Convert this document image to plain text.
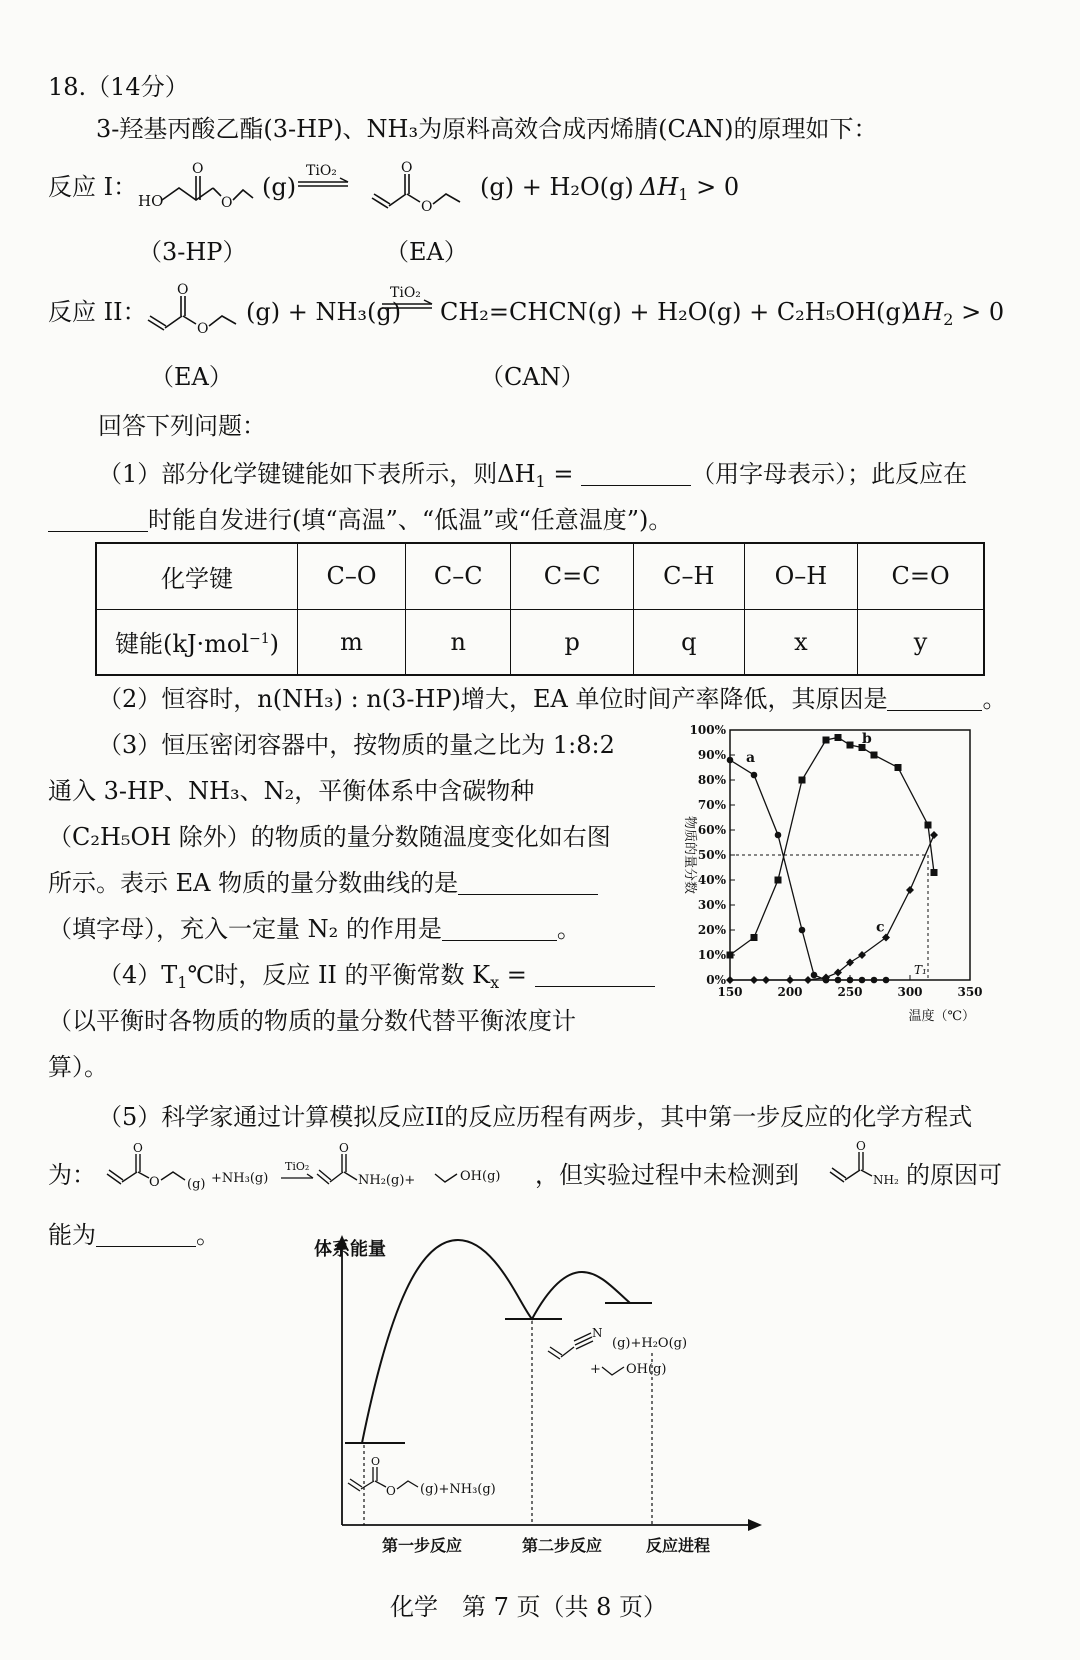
18.（14分）
3-羟基丙酸乙酯(3-HP)、NH₃为原料高效合成丙烯腈(CAN)的原理如下：
反应 I： HO
O
O
(g)
TiO₂	O
O
(g) + H₂O(g) $\Delta H_1 > 0$
（3-HP）	（EA）
反应 II：
O
O
(g) + NH₃(g)
TiO₂
CH₂=CHCN(g) + H₂O(g) + C₂H₅OH(g)
$\Delta H_2 > 0$
（EA）	（CAN）
回答下列问题：
（1）部分化学键键能如下表所示，则$\Delta H_1$ =	（用字母表示）；此反应在
时能自发进行(填“高温”、“低温”或“任意温度”)。
化学键	C–O	C–C	C=C	C–H	O–H	C=O
键能(kJ·mol$^{-1}$)	m	n	p	q	x	y
（2）恒容时，n(NH₃) : n(3-HP)增大，EA 单位时间产率降低，其原因是	。
（3）恒压密闭容器中，按物质的量之比为 1:8:2
通入 3-HP、NH₃、N₂，平衡体系中含碳物种
（C₂H₅OH 除外）的物质的量分数随温度变化如右图
所示。表示 EA 物质的量分数曲线的是
（填字母），充入一定量 N₂ 的作用是	。
$(4)T_1℃$时，反应 II 的平衡常数 $K_x$ =
（以平衡时各物质的物质的量分数代替平衡浓度计
算）。
物质的量分数
温度（℃）
0%
10%
20%
30%
40%
50%
60%
70%
80%
90%
100%
150	200	250	300	350
T₁
a
b
c
（5）科学家通过计算模拟反应II的反应历程有两步，其中第一步反应的化学方程式
为：
O
O (g) +NH₃(g)
TiO₂
O
NH₂(g)+	OH(g) ，但实验过程中未检测到
O
NH₂ 的原因可
能为	。
体系能量
O
O (g)+NH₃(g)
N
(g)+H₂O(g)
+ OH(g)
第一步反应	第二步反应	反应进程
化学　第 7 页（共 8 页）
